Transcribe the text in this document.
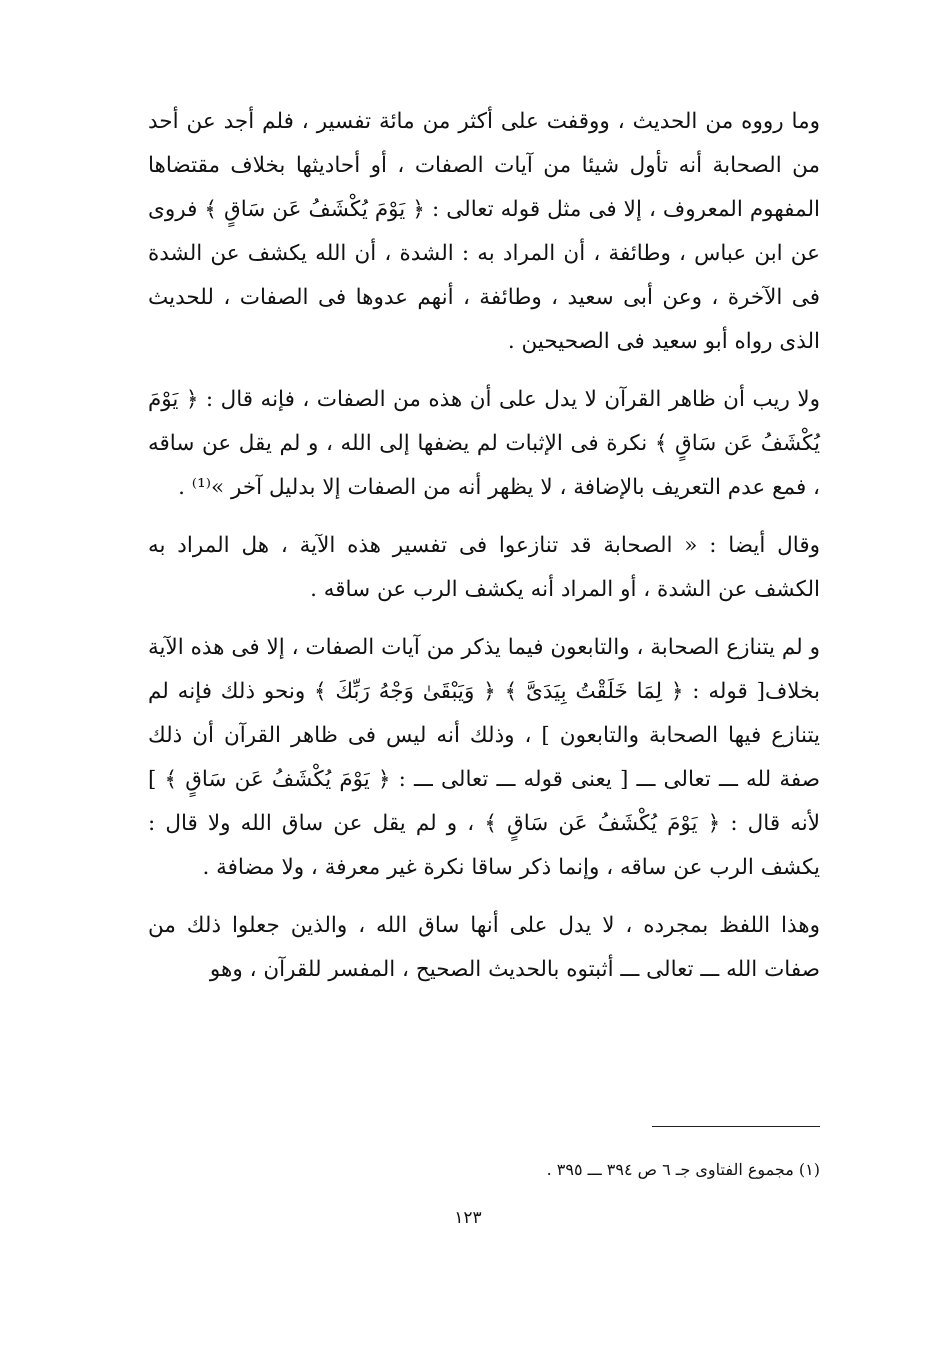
وما رووه من الحديث ، ووقفت على أكثر من مائة تفسير ، فلم أجد عن أحد من الصحابة أنه تأول شيئا من آيات الصفات ، أو أحاديثها بخلاف مقتضاها المفهوم المعروف ، إلا فى مثل قوله تعالى : ﴿ يَوْمَ يُكْشَفُ عَن سَاقٍ ﴾ فروى عن ابن عباس ، وطائفة ، أن المراد به : الشدة ، أن الله يكشف عن الشدة فى الآخرة ، وعن أبى سعيد ، وطائفة ، أنهم عدوها فى الصفات ، للحديث الذى رواه أبو سعيد فى الصحيحين .

ولا ريب أن ظاهر القرآن لا يدل على أن هذه من الصفات ، فإنه قال : ﴿ يَوْمَ يُكْشَفُ عَن سَاقٍ ﴾ نكرة فى الإثبات لم يضفها إلى الله ، و لم يقل عن ساقه ، فمع عدم التعريف بالإضافة ، لا يظهر أنه من الصفات إلا بدليل آخر »⁽¹⁾ .

وقال أيضا : « الصحابة قد تنازعوا فى تفسير هذه الآية ، هل المراد به الكشف عن الشدة ، أو المراد أنه يكشف الرب عن ساقه .

و لم يتنازع الصحابة ، والتابعون فيما يذكر من آيات الصفات ، إلا فى هذه الآية بخلاف[ قوله : ﴿ لِمَا خَلَقْتُ بِيَدَىَّ ﴾ ﴿ وَيَبْقَىٰ وَجْهُ رَبِّكَ ﴾ ونحو ذلك فإنه لم يتنازع فيها الصحابة والتابعون ] ، وذلك أنه ليس فى ظاهر القرآن أن ذلك صفة لله ـــ تعالى ـــ [ يعنى قوله ـــ تعالى ـــ : ﴿ يَوْمَ يُكْشَفُ عَن سَاقٍ ﴾ ] لأنه قال : ﴿ يَوْمَ يُكْشَفُ عَن سَاقٍ ﴾ ، و لم يقل عن ساق الله ولا قال : يكشف الرب عن ساقه ، وإنما ذكر ساقا نكرة غير معرفة ، ولا مضافة .

وهذا اللفظ بمجرده ، لا يدل على أنها ساق الله ، والذين جعلوا ذلك من صفات الله ـــ تعالى ـــ أثبتوه بالحديث الصحيح ، المفسر للقرآن ، وهو

(١) مجموع الفتاوى جـ ٦ ص ٣٩٤ ـــ ٣٩٥ .
١٢٣
